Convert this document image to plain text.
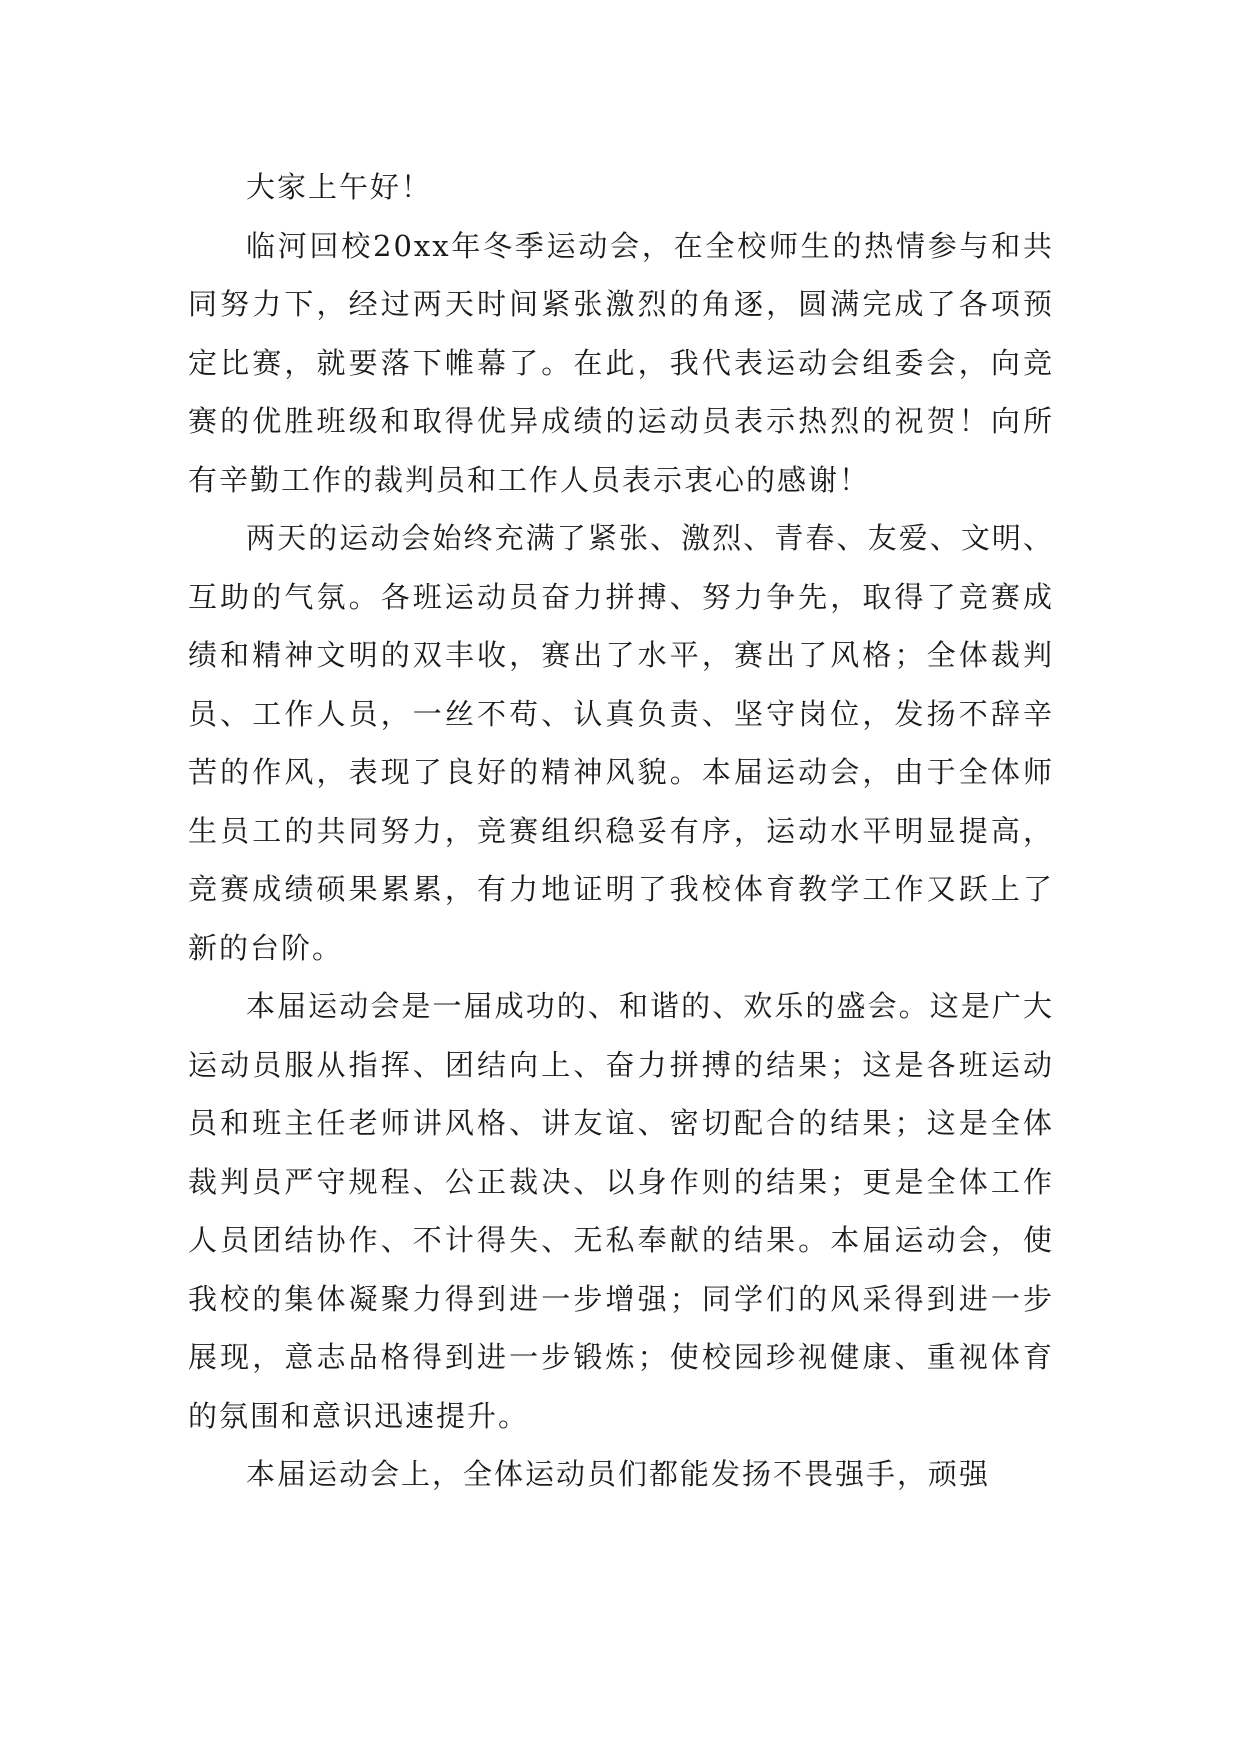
大家上午好！

临河回校20xx年冬季运动会，在全校师生的热情参与和共同努力下，经过两天时间紧张激烈的角逐，圆满完成了各项预定比赛，就要落下帷幕了。在此，我代表运动会组委会，向竞赛的优胜班级和取得优异成绩的运动员表示热烈的祝贺！向所有辛勤工作的裁判员和工作人员表示衷心的感谢！

两天的运动会始终充满了紧张、激烈、青春、友爱、文明、互助的气氛。各班运动员奋力拼搏、努力争先，取得了竞赛成绩和精神文明的双丰收，赛出了水平，赛出了风格；全体裁判员、工作人员，一丝不苟、认真负责、坚守岗位，发扬不辞辛苦的作风，表现了良好的精神风貌。本届运动会，由于全体师生员工的共同努力，竞赛组织稳妥有序，运动水平明显提高，竞赛成绩硕果累累，有力地证明了我校体育教学工作又跃上了新的台阶。

本届运动会是一届成功的、和谐的、欢乐的盛会。这是广大运动员服从指挥、团结向上、奋力拼搏的结果；这是各班运动员和班主任老师讲风格、讲友谊、密切配合的结果；这是全体裁判员严守规程、公正裁决、以身作则的结果；更是全体工作人员团结协作、不计得失、无私奉献的结果。本届运动会，使我校的集体凝聚力得到进一步增强；同学们的风采得到进一步展现，意志品格得到进一步锻炼；使校园珍视健康、重视体育的氛围和意识迅速提升。

本届运动会上，全体运动员们都能发扬不畏强手，顽强
